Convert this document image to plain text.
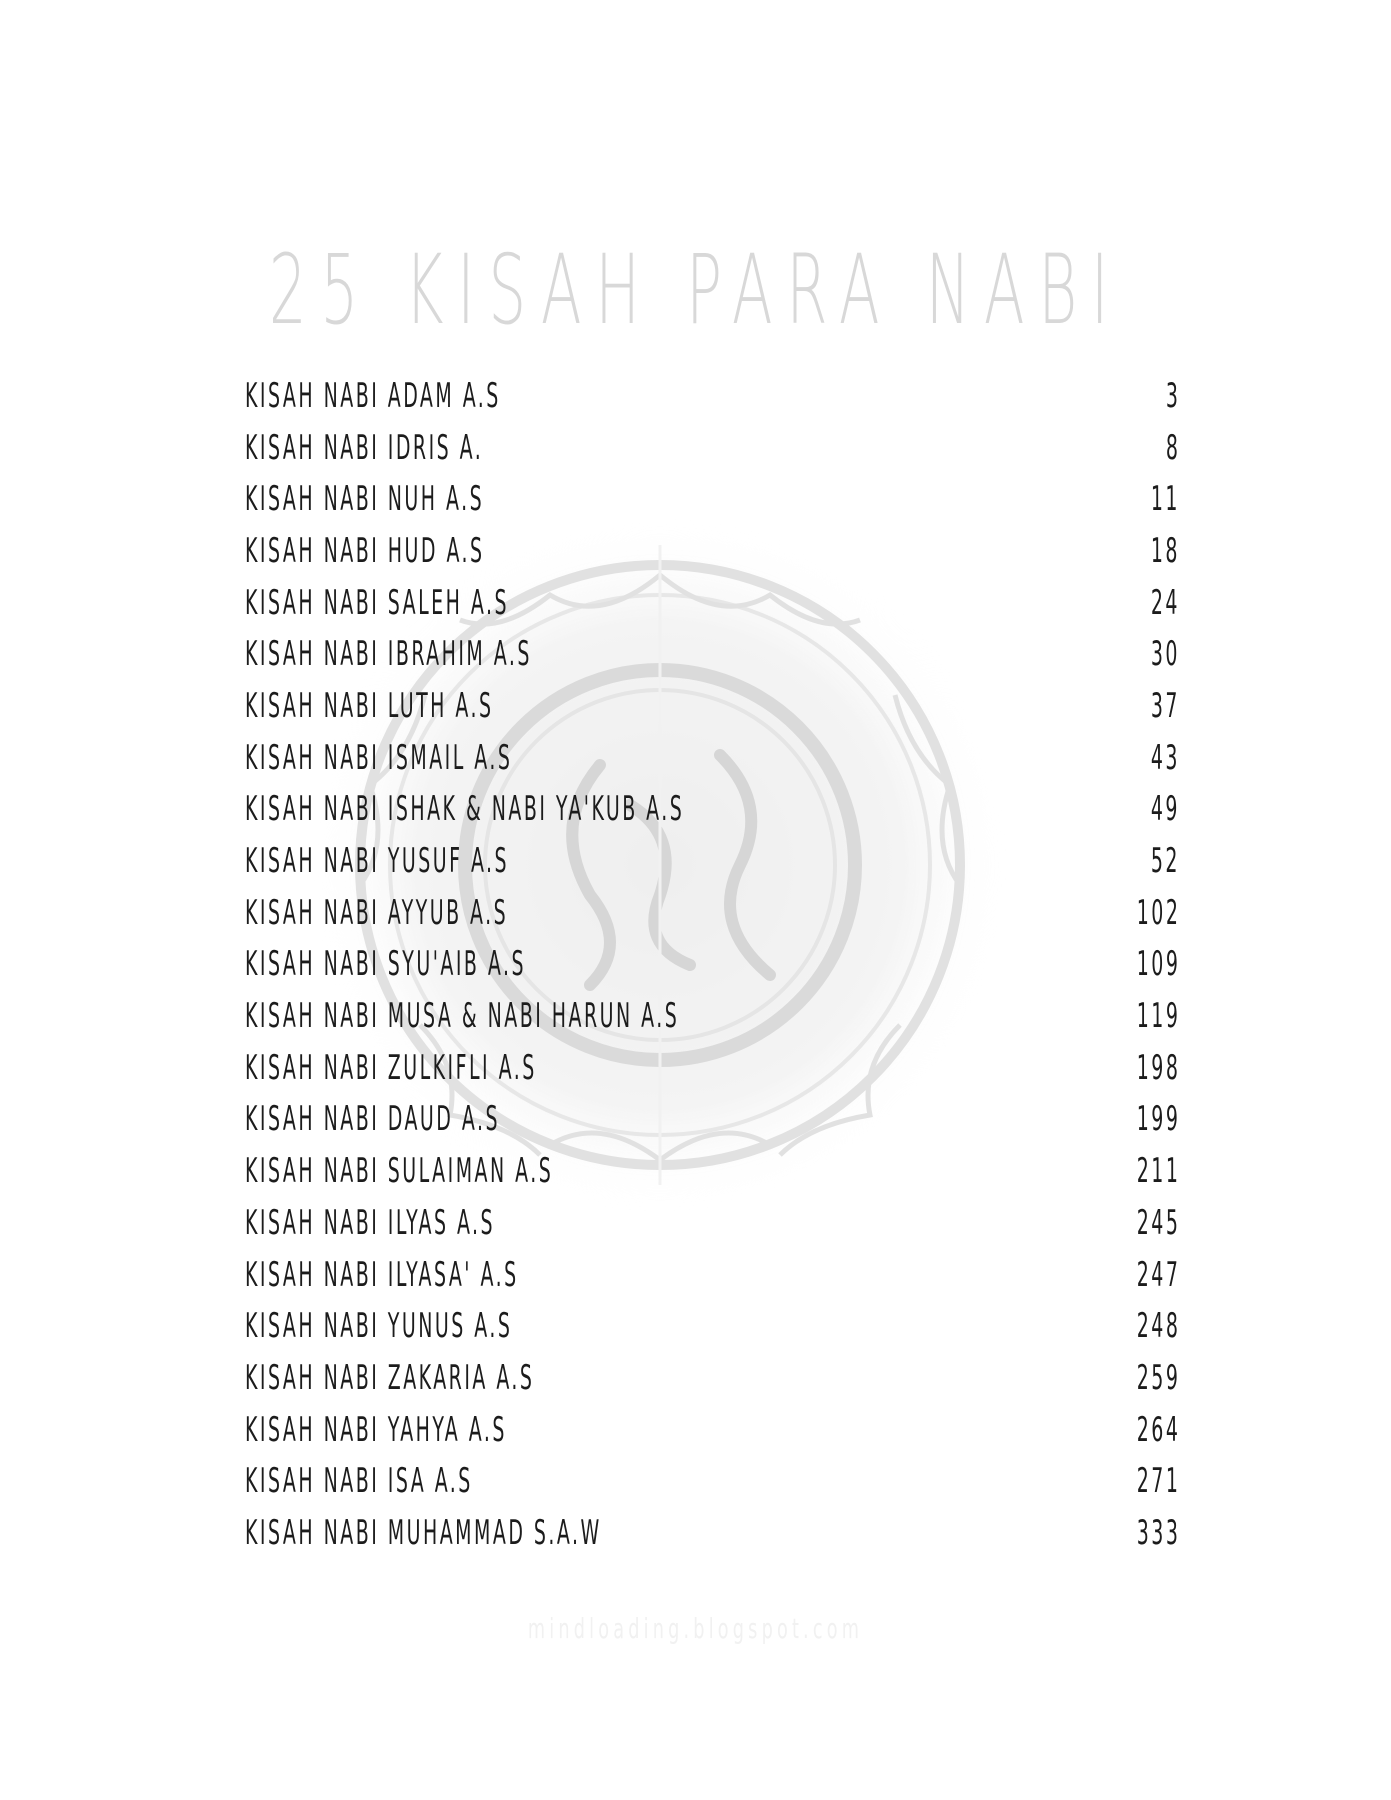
25 KISAH PARA NABI
KISAH NABI ADAM A.S	3
KISAH NABI IDRIS A.	8
KISAH NABI NUH A.S	11
KISAH NABI HUD A.S	18
KISAH NABI SALEH A.S	24
KISAH NABI IBRAHIM A.S	30
KISAH NABI LUTH A.S	37
KISAH NABI ISMAIL A.S	43
KISAH NABI ISHAK & NABI YA'KUB A.S	49
KISAH NABI YUSUF A.S	52
KISAH NABI AYYUB A.S	102
KISAH NABI SYU'AIB A.S	109
KISAH NABI MUSA & NABI HARUN A.S	119
KISAH NABI ZULKIFLI A.S	198
KISAH NABI DAUD A.S	199
KISAH NABI SULAIMAN A.S	211
KISAH NABI ILYAS A.S	245
KISAH NABI ILYASA' A.S	247
KISAH NABI YUNUS A.S	248
KISAH NABI ZAKARIA A.S	259
KISAH NABI YAHYA A.S	264
KISAH NABI ISA A.S	271
KISAH NABI MUHAMMAD S.A.W	333
mindloading.blogspot.com
